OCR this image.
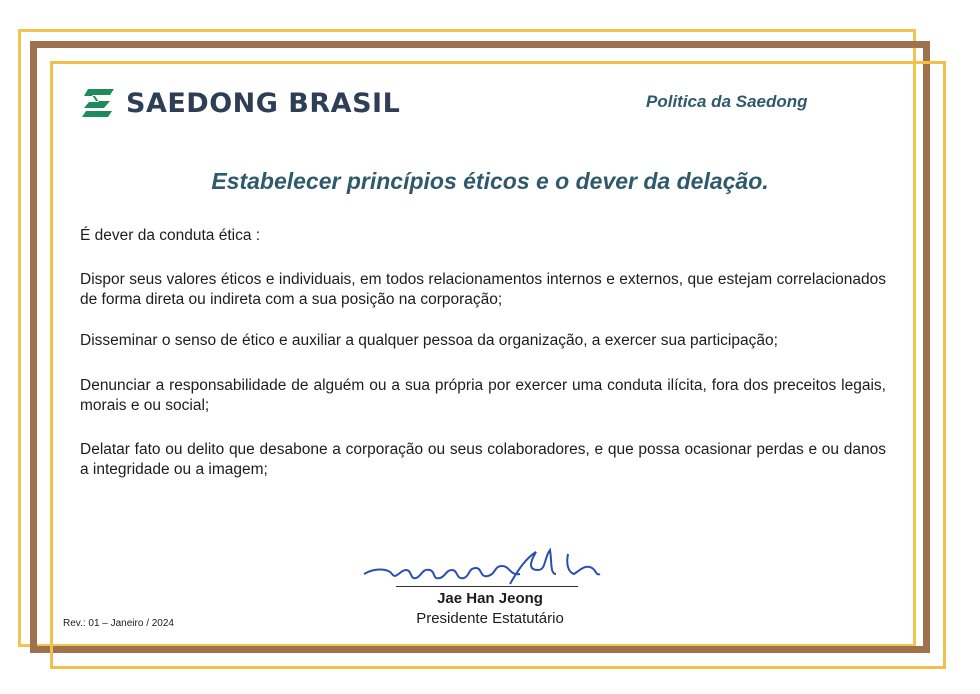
SAEDONG BRASIL	Politica da Saedong
Estabelecer princípios éticos e o dever da delação.

É dever da conduta ética :

Dispor seus valores éticos e individuais, em todos relacionamentos internos e externos, que estejam correlacionados de forma direta ou indireta com a sua posição na corporação;

Disseminar o senso de ético e auxiliar a qualquer pessoa da organização, a exercer sua participação;

Denunciar a responsabilidade de alguém ou a sua própria por exercer uma conduta ilícita, fora dos preceitos legais, morais e ou social;

Delatar fato ou delito que desabone a corporação ou seus colaboradores, e que possa ocasionar perdas e ou danos a integridade ou a imagem;

Jae Han Jeong
Presidente Estatutário
Rev.: 01 – Janeiro / 2024
